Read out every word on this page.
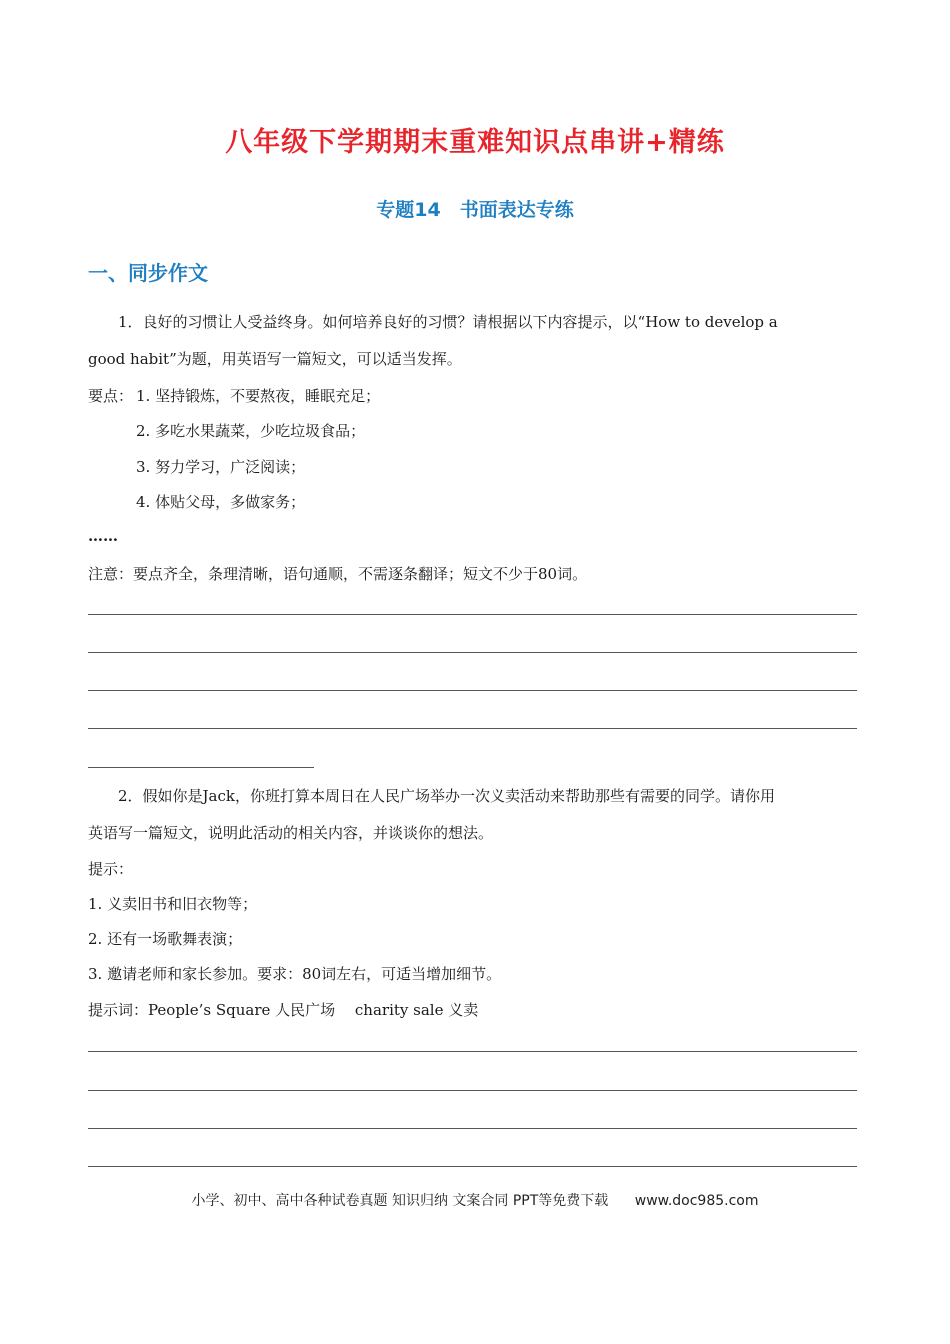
八年级下学期期末重难知识点串讲+精练
专题14　书面表达专练
一、同步作文
1．良好的习惯让人受益终身。如何培养良好的习惯？请根据以下内容提示，以“How to develop a
good habit”为题，用英语写一篇短文，可以适当发挥。
要点： 1. 坚持锻炼，不要熬夜，睡眠充足；
2. 多吃水果蔬菜，少吃垃圾食品；
3. 努力学习，广泛阅读；
4. 体贴父母，多做家务；
……
注意：要点齐全，条理清晰，语句通顺，不需逐条翻译；短文不少于80词。
2．假如你是Jack，你班打算本周日在人民广场举办一次义卖活动来帮助那些有需要的同学。请你用
英语写一篇短文，说明此活动的相关内容，并谈谈你的想法。
提示：
1. 义卖旧书和旧衣物等；
2. 还有一场歌舞表演；
3. 邀请老师和家长参加。要求：80词左右，可适当增加细节。
提示词：People’s Square 人民广场　 charity sale 义卖
小学、初中、高中各种试卷真题 知识归纳 文案合同 PPT等免费下载 www.doc985.com
